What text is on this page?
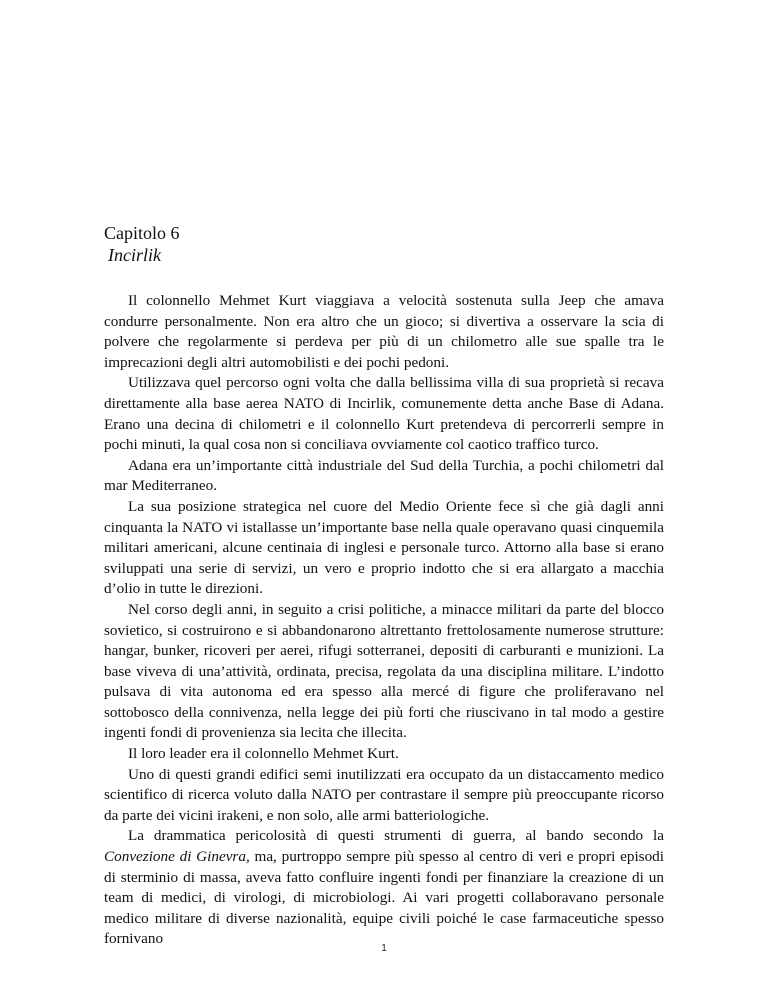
Capitolo 6

Incirlik

Il colonnello Mehmet Kurt viaggiava a velocità sostenuta sulla Jeep che amava condurre personalmente. Non era altro che un gioco; si divertiva a osservare la scia di polvere che regolarmente si perdeva per più di un chilometro alle sue spalle tra le imprecazioni degli altri automobilisti e dei pochi pedoni.

Utilizzava quel percorso ogni volta che dalla bellissima villa di sua proprietà si recava direttamente alla base aerea NATO di Incirlik, comunemente detta anche Base di Adana. Erano una decina di chilometri e il colonnello Kurt pretendeva di percorrerli sempre in pochi minuti, la qual cosa non si conciliava ovviamente col caotico traffico turco.

Adana era un’importante città industriale del Sud della Turchia, a pochi chilometri dal mar Mediterraneo.

La sua posizione strategica nel cuore del Medio Oriente fece sì che già dagli anni cinquanta la NATO vi istallasse un’importante base nella quale operavano quasi cinquemila militari americani, alcune centinaia di inglesi e personale turco. Attorno alla base si erano sviluppati una serie di servizi, un vero e proprio indotto che si era allargato a macchia d’olio in tutte le direzioni.

Nel corso degli anni, in seguito a crisi politiche, a minacce militari da parte del blocco sovietico, si costruirono e si abbandonarono altrettanto frettolosamente numerose strutture: hangar, bunker, ricoveri per aerei, rifugi sotterranei, depositi di carburanti e munizioni. La base viveva di una’attività, ordinata, precisa, regolata da una disciplina militare. L’indotto pulsava di vita autonoma ed era spesso alla mercé di figure che proliferavano nel sottobosco della connivenza, nella legge dei più forti che riuscivano in tal modo a gestire ingenti fondi di provenienza sia lecita che illecita.

Il loro leader era il colonnello Mehmet Kurt.

Uno di questi grandi edifici semi inutilizzati era occupato da un distaccamento medico scientifico di ricerca voluto dalla NATO per contrastare il sempre più preoccupante ricorso da parte dei vicini irakeni, e non solo, alle armi batteriologiche.

La drammatica pericolosità di questi strumenti di guerra, al bando secondo la Convezione di Ginevra, ma, purtroppo sempre più spesso al centro di veri e propri episodi di sterminio di massa, aveva fatto confluire ingenti fondi per finanziare la creazione di un team di medici, di virologi, di microbiologi. Ai vari progetti collaboravano personale medico militare di diverse nazionalità, equipe civili poiché le case farmaceutiche spesso fornivano

1
